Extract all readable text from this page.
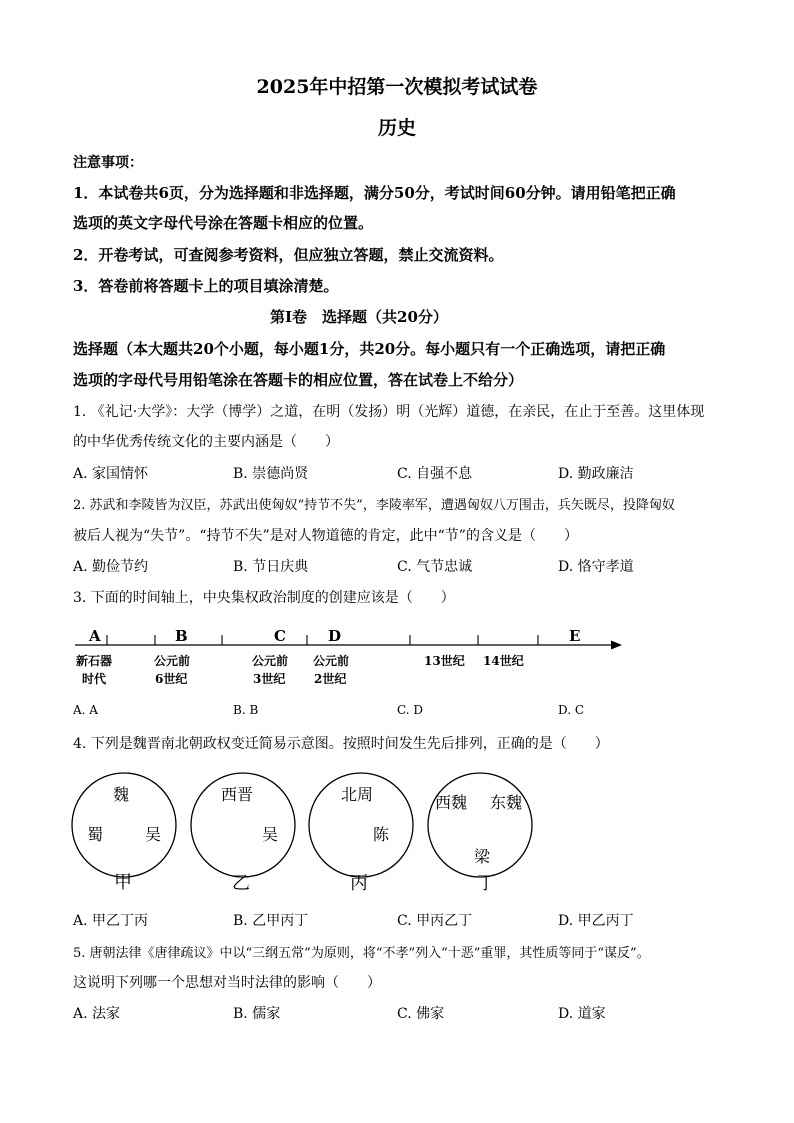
2025年中招第一次模拟考试试卷
历史
注意事项：
1．本试卷共6页，分为选择题和非选择题，满分50分，考试时间60分钟。请用铅笔把正确
选项的英文字母代号涂在答题卡相应的位置。
2．开卷考试，可查阅参考资料，但应独立答题，禁止交流资料。
3．答卷前将答题卡上的项目填涂清楚。
第Ⅰ卷　选择题（共20分）
选择题（本大题共20个小题，每小题1分，共20分。每小题只有一个正确选项，请把正确
选项的字母代号用铅笔涂在答题卡的相应位置，答在试卷上不给分）
1. 《礼记·大学》：大学（博学）之道，在明（发扬）明（光辉）道德，在亲民，在止于至善。这里体现
的中华优秀传统文化的主要内涵是（　　）
A. 家国情怀	B. 崇德尚贤	C. 自强不息	D. 勤政廉洁
2. 苏武和李陵皆为汉臣，苏武出使匈奴“持节不失”，李陵率军，遭遇匈奴八万围击，兵矢既尽，投降匈奴
被后人视为“失节”。“持节不失”是对人物道德的肯定，此中“节”的含义是（　　）
A. 勤俭节约	B. 节日庆典	C. 气节忠诚	D. 恪守孝道
3. 下面的时间轴上，中央集权政治制度的创建应该是（　　）
A	B	C	D	E
新石器
时代
公元前
6世纪
公元前
3世纪
公元前
2世纪
13世纪 14世纪
A. A	B. B	C. D	D. C
4. 下列是魏晋南北朝政权变迁简易示意图。按照时间发生先后排列，正确的是（　　）
魏
蜀	吴
西晋
吴
北周
陈
西魏 东魏
梁
甲	乙	丙	丁
A. 甲乙丁丙	B. 乙甲丙丁	C. 甲丙乙丁	D. 甲乙丙丁
5. 唐朝法律《唐律疏议》中以“三纲五常”为原则，将“不孝”列入“十恶”重罪，其性质等同于“谋反”。
这说明下列哪一个思想对当时法律的影响（　　）
A. 法家	B. 儒家	C. 佛家	D. 道家
